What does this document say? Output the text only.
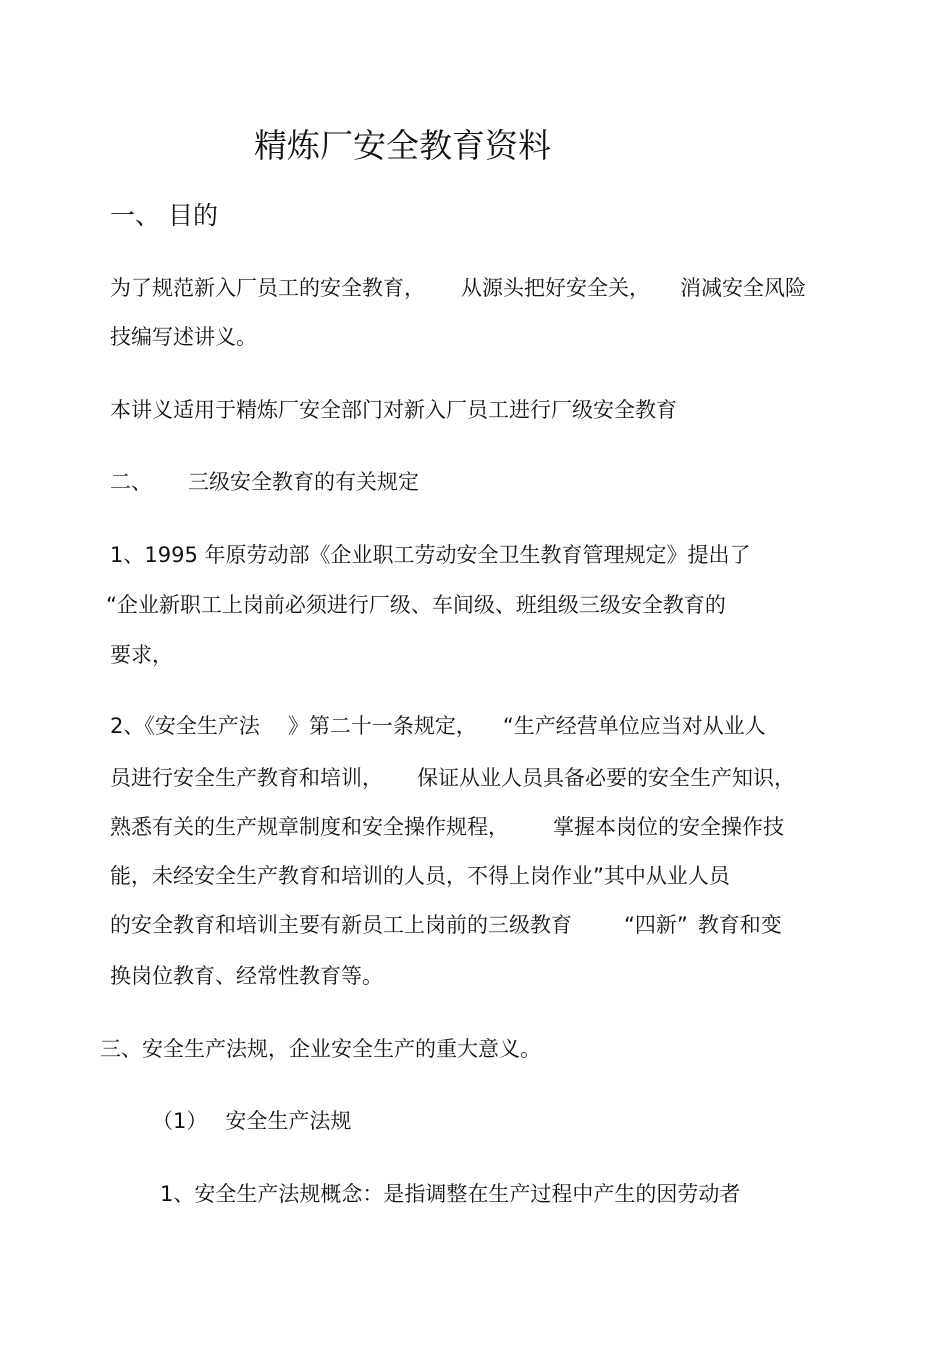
精炼厂安全教育资料

一、 目的

为了规范新入厂员工的安全教育， 从源头把好安全关， 消减安全风险

技编写述讲义。

本讲义适用于精炼厂安全部门对新入厂员工进行厂级安全教育

二、 三级安全教育的有关规定

1、1995 年原劳动部《企业职工劳动安全卫生教育管理规定》提出了

“企业新职工上岗前必须进行厂级、车间级、班组级三级安全教育的

要求，

2、《安全生产法 》第二十一条规定， “生产经营单位应当对从业人

员进行安全生产教育和培训， 保证从业人员具备必要的安全生产知识，

熟悉有关的生产规章制度和安全操作规程， 掌握本岗位的安全操作技

能，未经安全生产教育和培训的人员，不得上岗作业”其中从业人员

的安全教育和培训主要有新员工上岗前的三级教育 “四新” 教育和变

换岗位教育、经常性教育等。

三、安全生产法规，企业安全生产的重大意义。

（1） 安全生产法规

1、安全生产法规概念：是指调整在生产过程中产生的因劳动者
